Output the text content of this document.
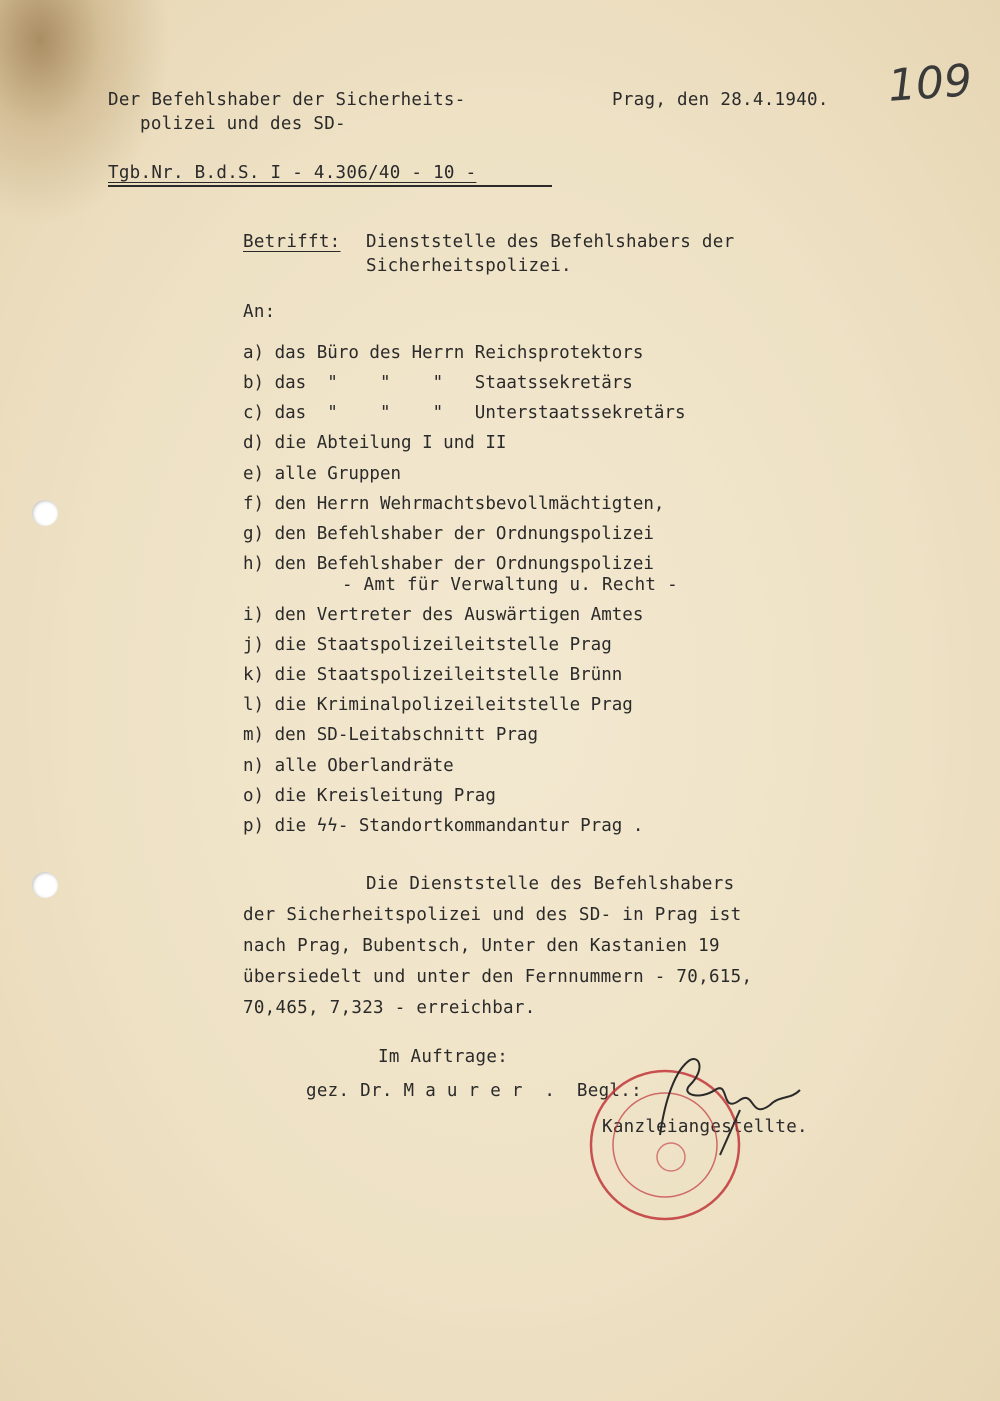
109
Der Befehlshaber der Sicherheits-
polizei und des SD-
Prag, den 28.4.1940.
Tgb.Nr. B.d.S. I - 4.306/40 - 10 -
Betrifft: Dienststelle des Befehlshabers der
Sicherheitspolizei.
An:
a) das Büro des Herrn Reichsprotektors
b) das  "    "    "   Staatssekretärs
c) das  "    "    "   Unterstaatssekretärs
d) die Abteilung I und II
e) alle Gruppen
f) den Herrn Wehrmachtsbevollmächtigten,
g) den Befehlshaber der Ordnungspolizei
h) den Befehlshaber der Ordnungspolizei
- Amt für Verwaltung u. Recht -
i) den Vertreter des Auswärtigen Amtes
j) die Staatspolizeileitstelle Prag
k) die Staatspolizeileitstelle Brünn
l) die Kriminalpolizeileitstelle Prag
m) den SD-Leitabschnitt Prag
n) alle Oberlandräte
o) die Kreisleitung Prag
p) die ϟϟ- Standortkommandantur Prag .
Die Dienststelle des Befehlshabers
der Sicherheitspolizei und des SD- in Prag ist
nach Prag, Bubentsch, Unter den Kastanien 19
übersiedelt und unter den Fernnummern - 70,615,
70,465, 7,323 - erreichbar.
Im Auftrage:
gez. Dr. M a u r e r  .  Begl.:
Kanzleiangestellte.
